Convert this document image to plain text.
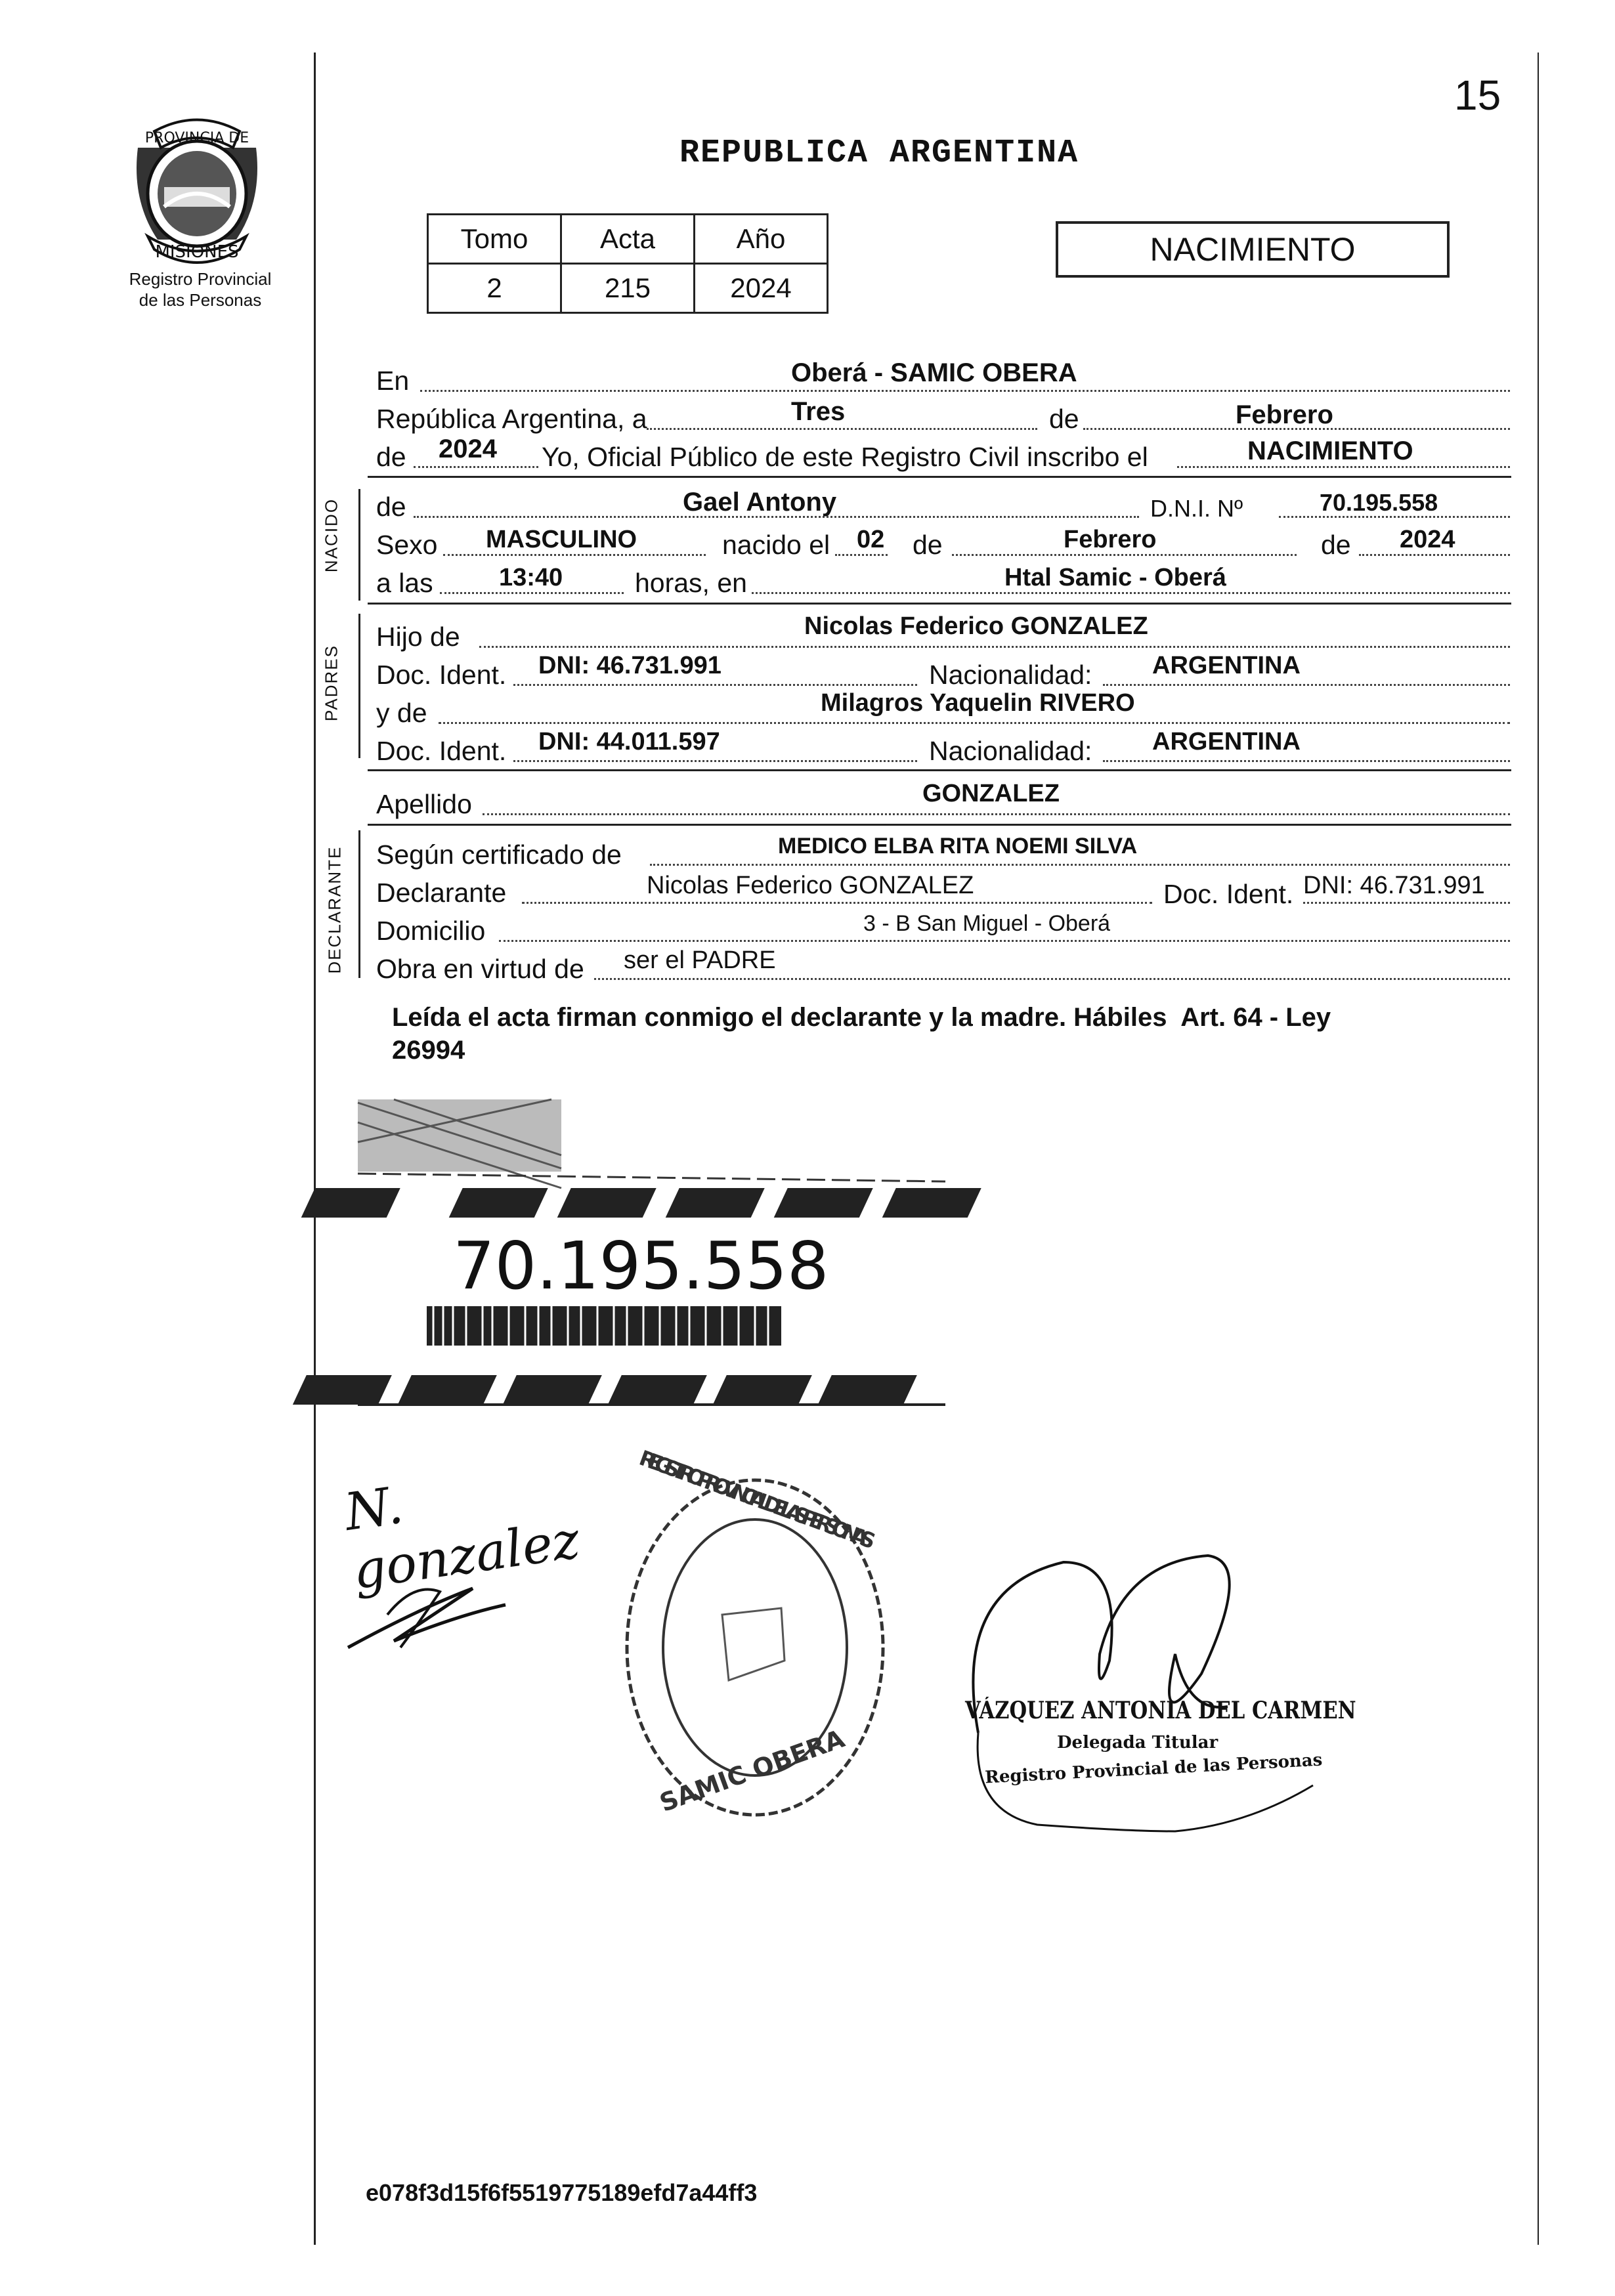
15
PROVINCIA DE
MISIONES
Registro Provincial
de las Personas
REPUBLICA ARGENTINA
Tomo	Acta	Año
2	215	2024
NACIMIENTO
NACIDO
PADRES
DECLARANTE
En	Oberá - SAMIC OBERA
República Argentina, a	Tres	de	Febrero
de 2024 Yo, Oficial Público de este Registro Civil inscribo el	NACIMIENTO
de	Gael Antony	D.N.I. Nº	70.195.558
Sexo MASCULINO	nacido el 02 de	Febrero	de 2024
a las	13:40	horas, en	Htal Samic - Oberá
Hijo de	Nicolas Federico GONZALEZ
Doc. Ident. DNI: 46.731.991	Nacionalidad: ARGENTINA
y de	Milagros Yaquelin RIVERO
Doc. Ident. DNI: 44.011.597	Nacionalidad: ARGENTINA
Apellido	GONZALEZ
Según certificado de	MEDICO ELBA RITA NOEMI SILVA
Declarante	Nicolas Federico GONZALEZ	Doc. Ident. DNI: 46.731.991
Domicilio	3 - B San Miguel - Oberá
Obra en virtud de ser el PADRE
Leída el acta firman conmigo el declarante y la madre. Hábiles  Art. 64 - Ley
26994
70.195.558
N. gonzalez
REGISTRO PROVINCIAL DE LAS PERSONAS
SAMIC OBERA
VÁZQUEZ ANTONIA DEL CARMEN
Delegada Titular
Registro Provincial de las Personas
e078f3d15f6f5519775189efd7a44ff3
